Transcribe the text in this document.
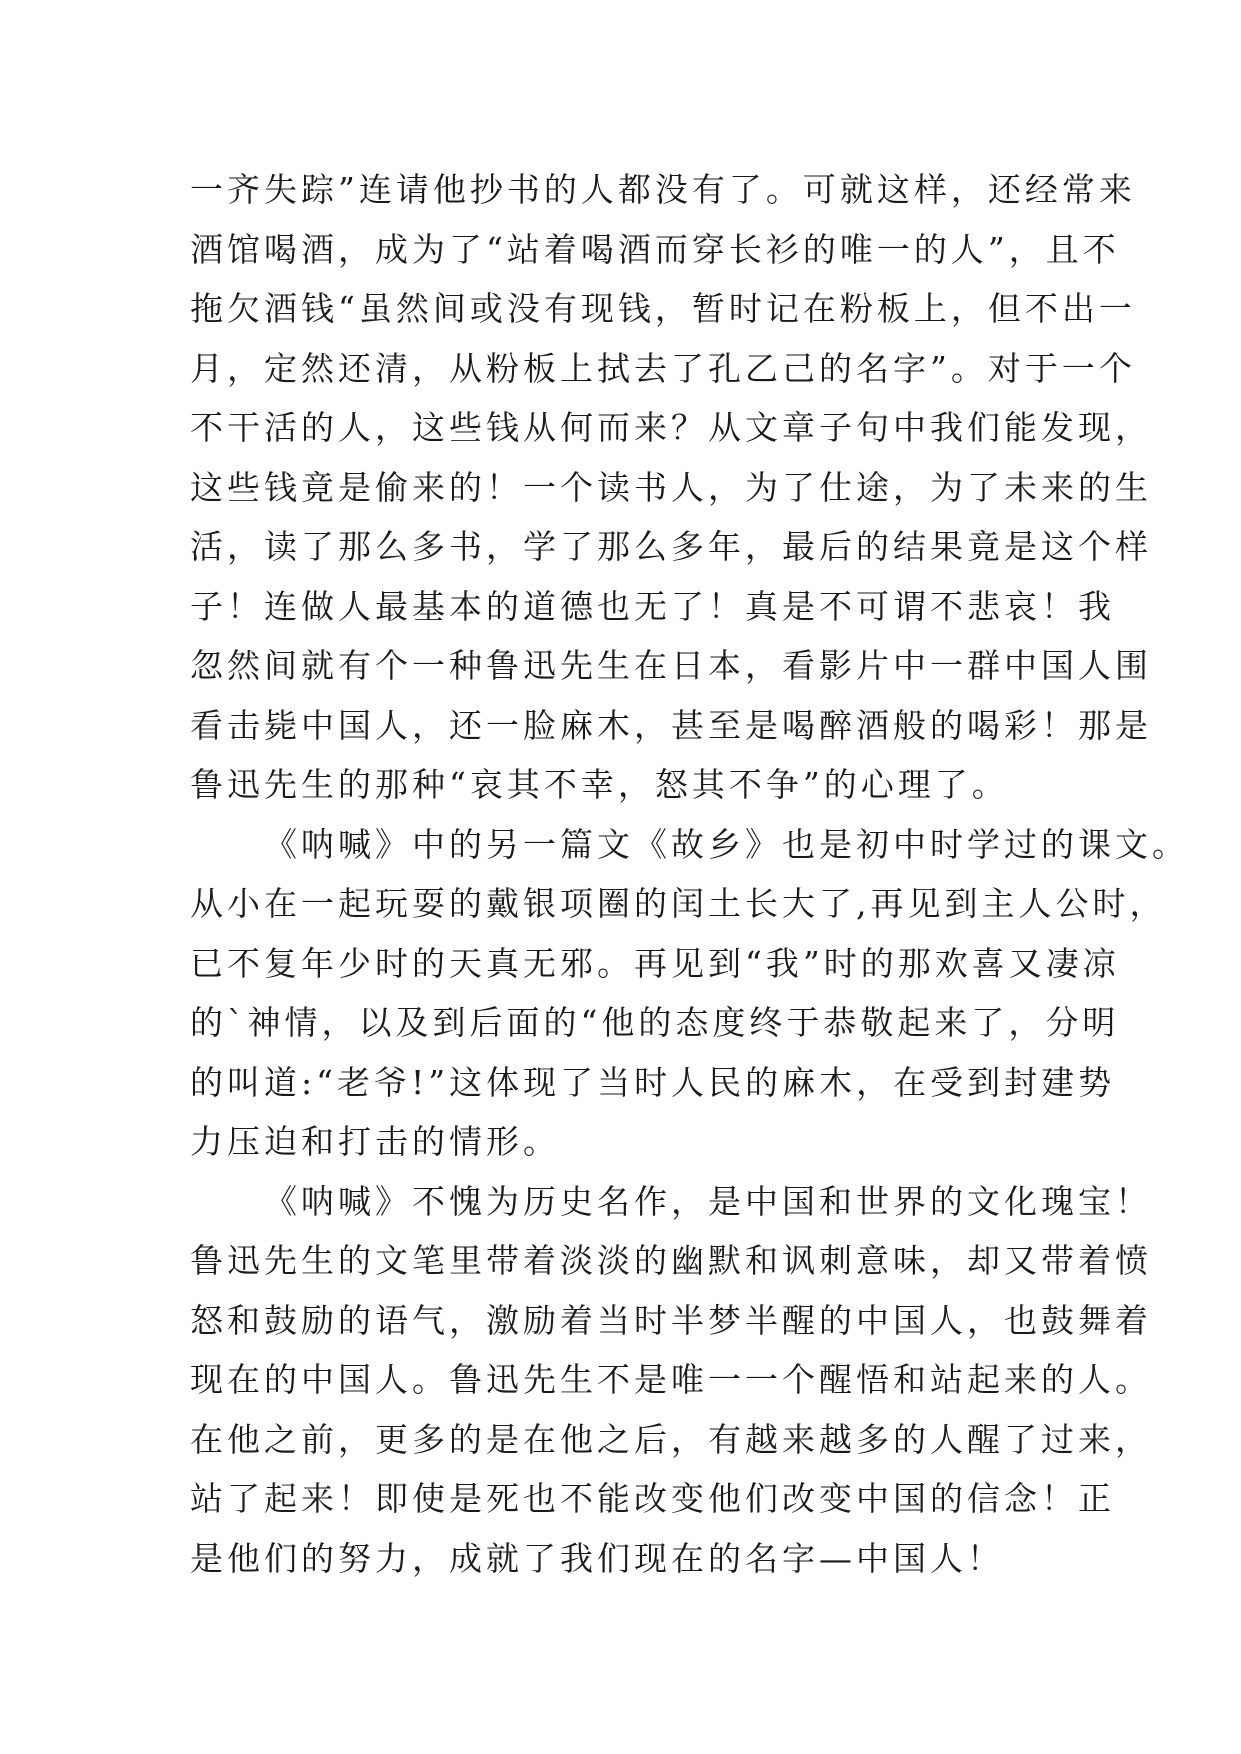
一齐失踪”连请他抄书的人都没有了。可就这样，还经常来
酒馆喝酒，成为了“站着喝酒而穿长衫的唯一的人”，且不
拖欠酒钱“虽然间或没有现钱，暂时记在粉板上，但不出一
月，定然还清，从粉板上拭去了孔乙己的名字”。对于一个
不干活的人，这些钱从何而来？从文章子句中我们能发现，
这些钱竟是偷来的！一个读书人，为了仕途，为了未来的生
活，读了那么多书，学了那么多年，最后的结果竟是这个样
子！连做人最基本的道德也无了！真是不可谓不悲哀！我
忽然间就有个一种鲁迅先生在日本，看影片中一群中国人围
看击毙中国人，还一脸麻木，甚至是喝醉酒般的喝彩！那是
鲁迅先生的那种“哀其不幸，怒其不争”的心理了。
《呐喊》中的另一篇文《故乡》也是初中时学过的课文。
从小在一起玩耍的戴银项圈的闰土长大了,再见到主人公时，
已不复年少时的天真无邪。再见到“我”时的那欢喜又凄凉
的`神情，以及到后面的“他的态度终于恭敬起来了，分明
的叫道:“老爷!”这体现了当时人民的麻木，在受到封建势
力压迫和打击的情形。
《呐喊》不愧为历史名作，是中国和世界的文化瑰宝！
鲁迅先生的文笔里带着淡淡的幽默和讽刺意味，却又带着愤
怒和鼓励的语气，激励着当时半梦半醒的中国人，也鼓舞着
现在的中国人。鲁迅先生不是唯一一个醒悟和站起来的人。
在他之前，更多的是在他之后，有越来越多的人醒了过来，
站了起来！即使是死也不能改变他们改变中国的信念！正
是他们的努力，成就了我们现在的名字—中国人！
